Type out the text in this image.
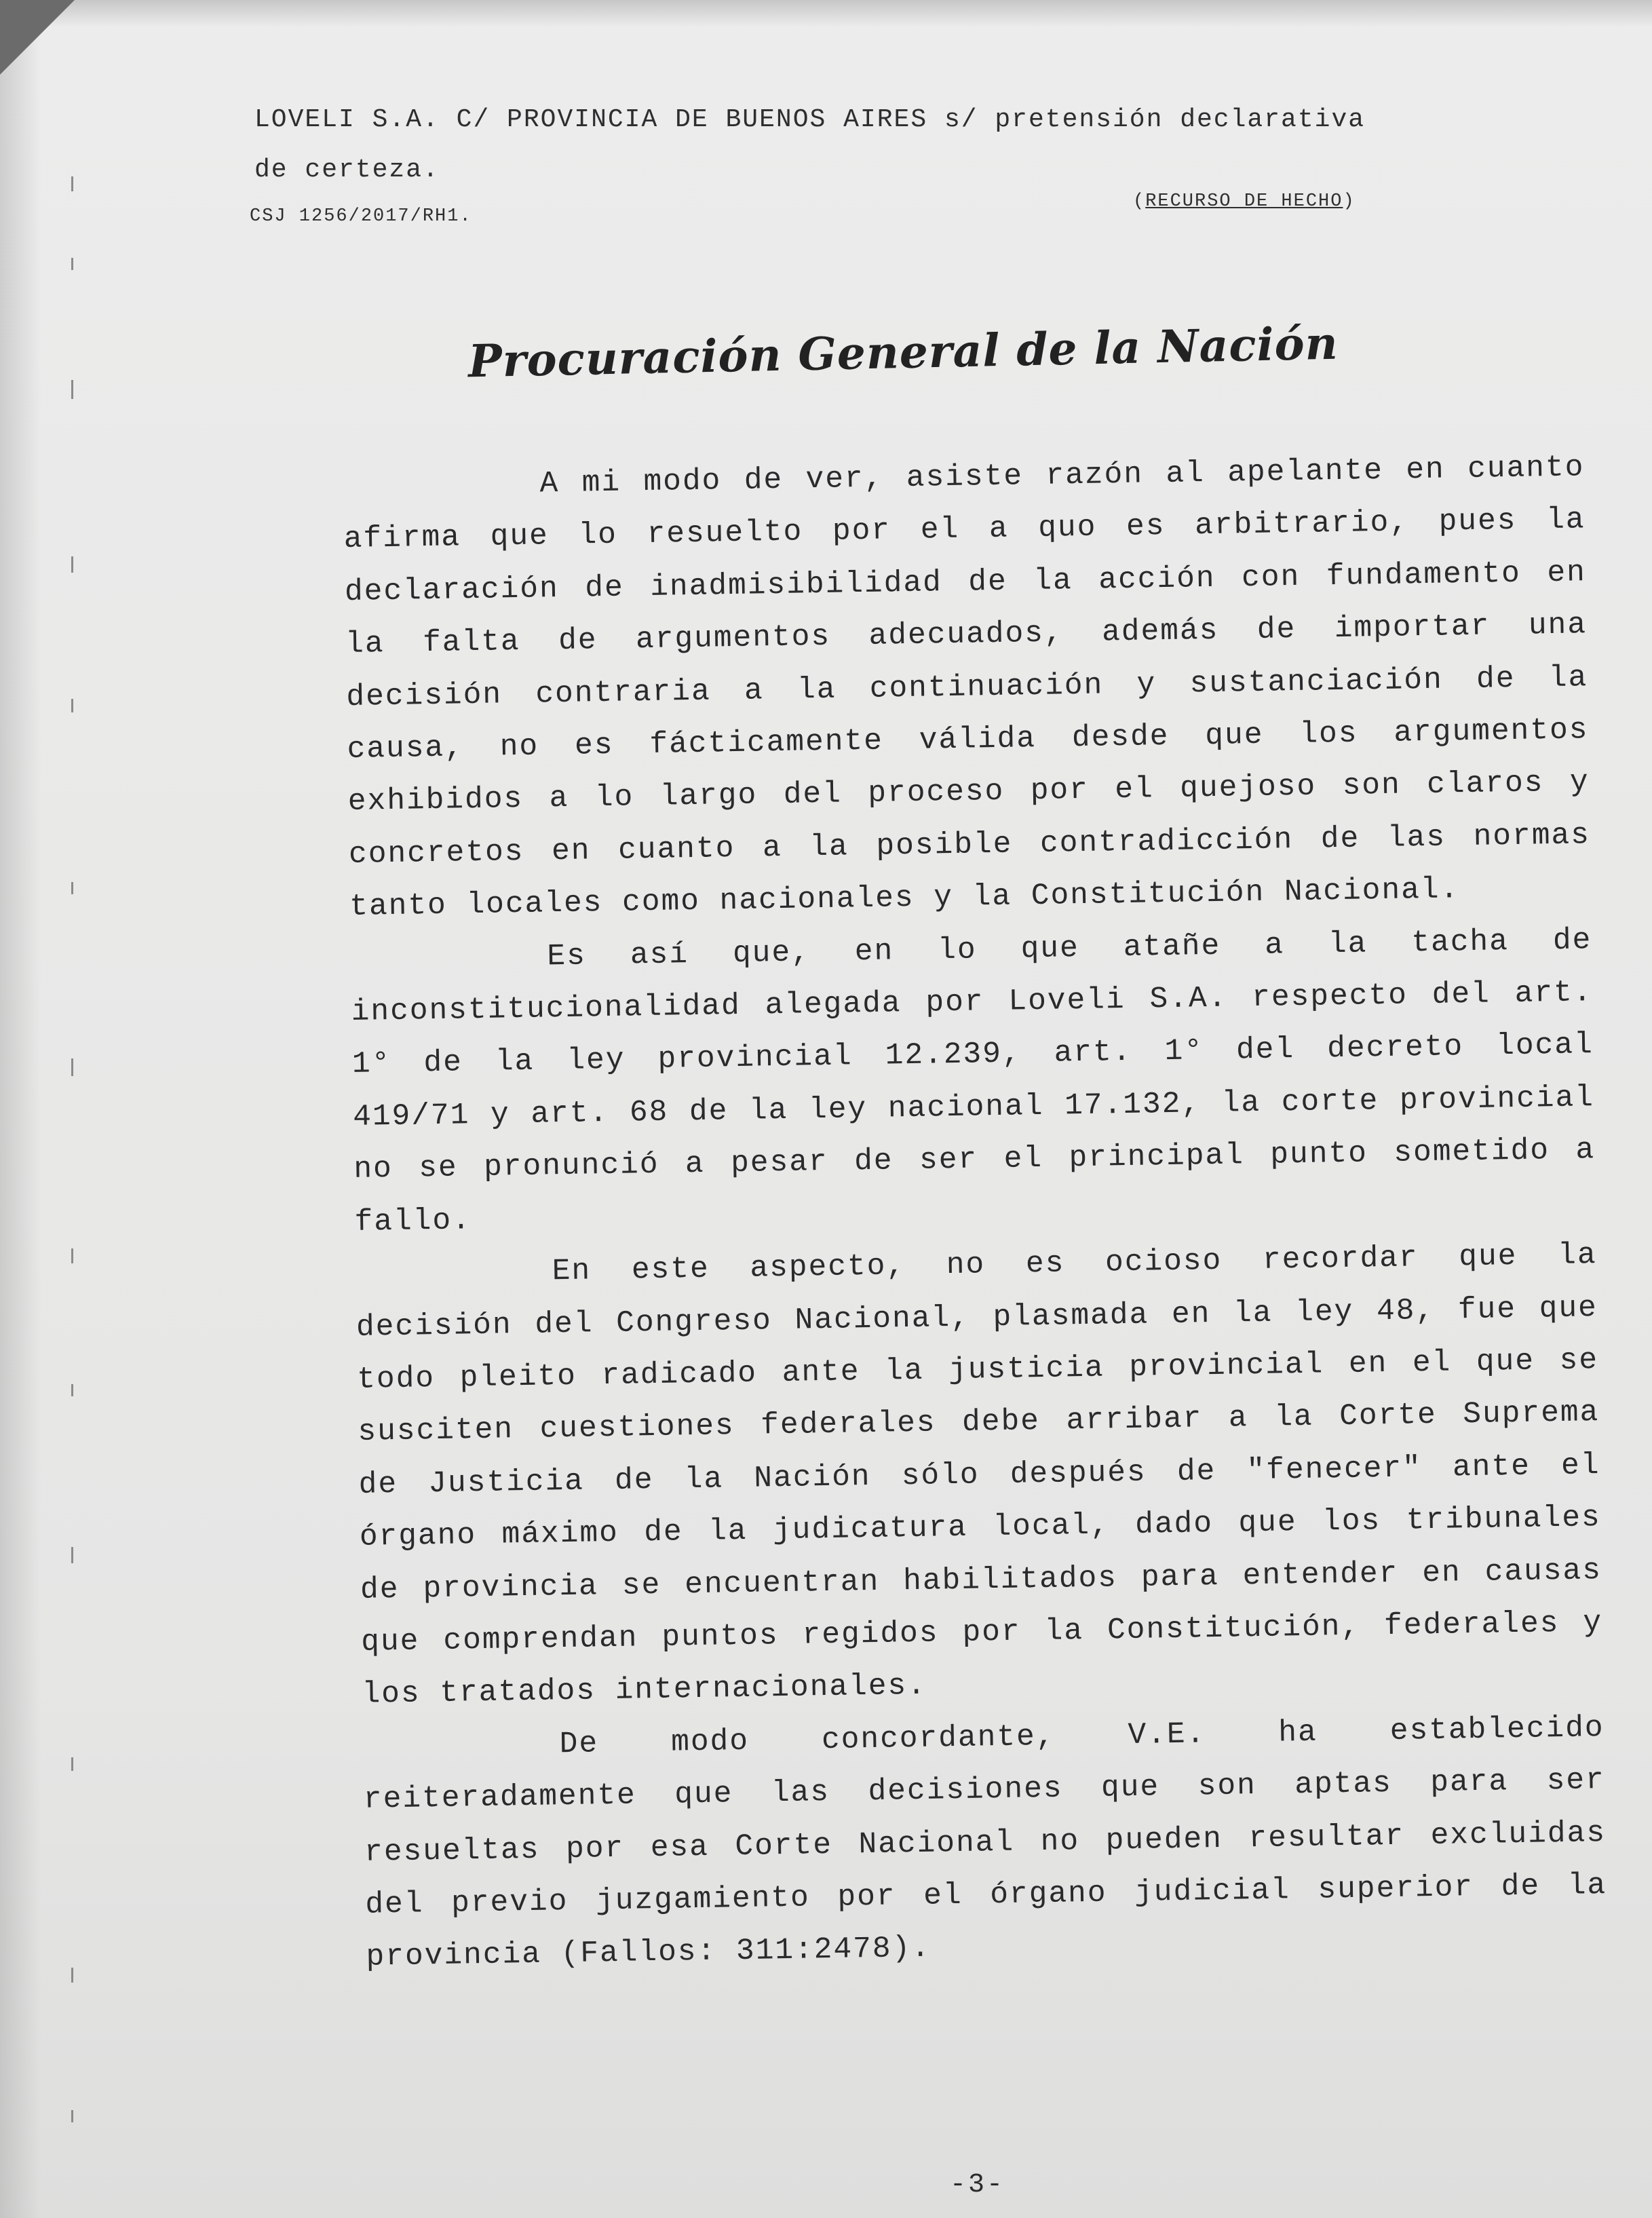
LOVELI S.A. C/ PROVINCIA DE BUENOS AIRES s/ pretensión declarativa
de certeza.
CSJ 1256/2017/RH1.
(RECURSO DE HECHO)
Procuración General de la Nación

A mi modo de ver, asiste razón al apelante en cuanto afirma que lo resuelto por el a quo es arbitrario, pues la declaración de inadmisibilidad de la acción con fundamento en la falta de argumentos adecuados, además de importar una decisión contraria a la continuación y sustanciación de la causa, no es fácticamente válida desde que los argumentos exhibidos a lo largo del proceso por el quejoso son claros y concretos en cuanto a la posible contradicción de las normas tanto locales como nacionales y la Constitución Nacional.

Es así que, en lo que atañe a la tacha de inconstitucionalidad alegada por Loveli S.A. respecto del art. 1° de la ley provincial 12.239, art. 1° del decreto local 419/71 y art. 68 de la ley nacional 17.132, la corte provincial no se pronunció a pesar de ser el principal punto sometido a fallo.

En este aspecto, no es ocioso recordar que la decisión del Congreso Nacional, plasmada en la ley 48, fue que todo pleito radicado ante la justicia provincial en el que se susciten cuestiones federales debe arribar a la Corte Suprema de Justicia de la Nación sólo después de "fenecer" ante el órgano máximo de la judicatura local, dado que los tribunales de provincia se encuentran habilitados para entender en causas que comprendan puntos regidos por la Constitución, federales y los tratados internacionales.

De modo concordante, V.E. ha establecido reiteradamente que las decisiones que son aptas para ser resueltas por esa Corte Nacional no pueden resultar excluidas del previo juzgamiento por el órgano judicial superior de la provincia (Fallos: 311:2478).

-3-
